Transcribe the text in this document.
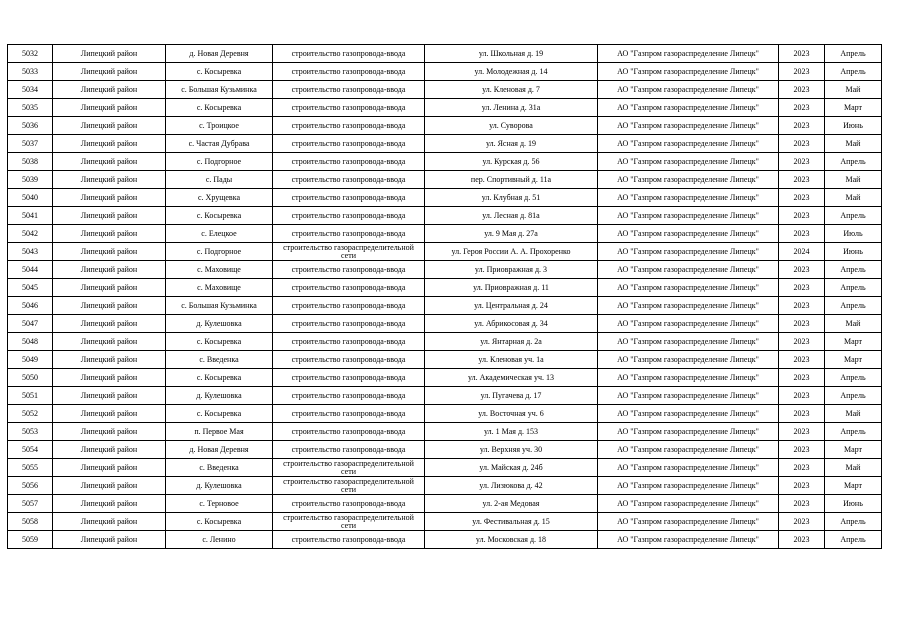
5032	Липецкий район	д. Новая Деревня	строительство газопровода-ввода	ул. Школьная д. 19	АО "Газпром газораспределение Липецк"	2023	Апрель
5033	Липецкий район	с. Косыревка	строительство газопровода-ввода	ул. Молодежная д. 14	АО "Газпром газораспределение Липецк"	2023	Апрель
5034	Липецкий район	с. Большая Кузьминка	строительство газопровода-ввода	ул. Кленовая д. 7	АО "Газпром газораспределение Липецк"	2023	Май
5035	Липецкий район	с. Косыревка	строительство газопровода-ввода	ул. Ленина д. 31а	АО "Газпром газораспределение Липецк"	2023	Март
5036	Липецкий район	с. Троицкое	строительство газопровода-ввода	ул. Суворова	АО "Газпром газораспределение Липецк"	2023	Июнь
5037	Липецкий район	с. Частая Дубрава	строительство газопровода-ввода	ул. Ясная д. 19	АО "Газпром газораспределение Липецк"	2023	Май
5038	Липецкий район	с. Подгорное	строительство газопровода-ввода	ул. Курская д. 56	АО "Газпром газораспределение Липецк"	2023	Апрель
5039	Липецкий район	с. Пады	строительство газопровода-ввода	пер. Спортивный д. 11а	АО "Газпром газораспределение Липецк"	2023	Май
5040	Липецкий район	с. Хрущевка	строительство газопровода-ввода	ул. Клубная д. 51	АО "Газпром газораспределение Липецк"	2023	Май
5041	Липецкий район	с. Косыревка	строительство газопровода-ввода	ул. Лесная д. 81а	АО "Газпром газораспределение Липецк"	2023	Апрель
5042	Липецкий район	с. Елецкое	строительство газопровода-ввода	ул. 9 Мая д. 27а	АО "Газпром газораспределение Липецк"	2023	Июль
5043	Липецкий район	с. Подгорное	строительство газораспределительной сети	ул. Героя России А. А. Прохоренко	АО "Газпром газораспределение Липецк"	2024	Июнь
5044	Липецкий район	с. Маховище	строительство газопровода-ввода	ул. Приовражная д. 3	АО "Газпром газораспределение Липецк"	2023	Апрель
5045	Липецкий район	с. Маховище	строительство газопровода-ввода	ул. Приовражная д. 11	АО "Газпром газораспределение Липецк"	2023	Апрель
5046	Липецкий район	с. Большая Кузьминка	строительство газопровода-ввода	ул. Центральная д. 24	АО "Газпром газораспределение Липецк"	2023	Апрель
5047	Липецкий район	д. Кулешовка	строительство газопровода-ввода	ул. Абрикосовая д. 34	АО "Газпром газораспределение Липецк"	2023	Май
5048	Липецкий район	с. Косыревка	строительство газопровода-ввода	ул. Янтарная д. 2а	АО "Газпром газораспределение Липецк"	2023	Март
5049	Липецкий район	с. Введенка	строительство газопровода-ввода	ул. Кленовая уч. 1а	АО "Газпром газораспределение Липецк"	2023	Март
5050	Липецкий район	с. Косыревка	строительство газопровода-ввода	ул. Академическая уч. 13	АО "Газпром газораспределение Липецк"	2023	Апрель
5051	Липецкий район	д. Кулешовка	строительство газопровода-ввода	ул. Пугачева д. 17	АО "Газпром газораспределение Липецк"	2023	Апрель
5052	Липецкий район	с. Косыревка	строительство газопровода-ввода	ул. Восточная уч. 6	АО "Газпром газораспределение Липецк"	2023	Май
5053	Липецкий район	п. Первое Мая	строительство газопровода-ввода	ул. 1 Мая д. 153	АО "Газпром газораспределение Липецк"	2023	Апрель
5054	Липецкий район	д. Новая Деревня	строительство газопровода-ввода	ул. Верхняя уч. 30	АО "Газпром газораспределение Липецк"	2023	Март
5055	Липецкий район	с. Введенка	строительство газораспределительной сети	ул. Майская д. 24б	АО "Газпром газораспределение Липецк"	2023	Май
5056	Липецкий район	д. Кулешовка	строительство газораспределительной сети	ул. Лизюкова д. 42	АО "Газпром газораспределение Липецк"	2023	Март
5057	Липецкий район	с. Терновое	строительство газопровода-ввода	ул. 2-ая Медовая	АО "Газпром газораспределение Липецк"	2023	Июнь
5058	Липецкий район	с. Косыревка	строительство газораспределительной сети	ул. Фестивальная д. 15	АО "Газпром газораспределение Липецк"	2023	Апрель
5059	Липецкий район	с. Ленино	строительство газопровода-ввода	ул. Московская д. 18	АО "Газпром газораспределение Липецк"	2023	Апрель
